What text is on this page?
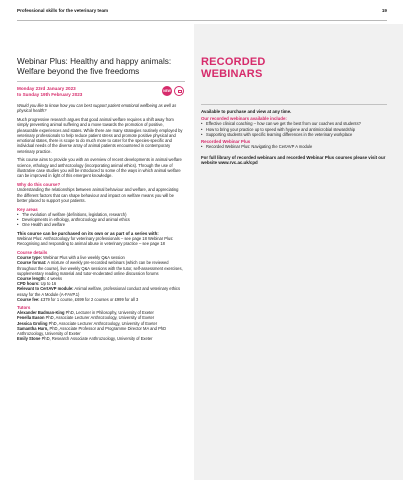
Professional skills for the veterinary team	19
Webinar Plus: Healthy and happy animals: Welfare beyond the five freedoms
Monday 23rd January 2023
to Sunday 19th February 2023
NEW
Would you like to know how you can best support patient emotional wellbeing as well as physical health?
Much progressive research argues that good animal welfare requires a shift away from simply preventing animal suffering and a move towards the promotion of positive, pleasurable experiences and states. While there are many strategies routinely employed by veterinary professionals to help reduce patient stress and promote positive physical and emotional states, there is scope to do much more to cater for the species-specific and individual needs of the diverse array of animal patients encountered in contemporary veterinary practice.
This course aims to provide you with an overview of recent developments in animal welfare science, ethology and anthrozoology (incorporating animal ethics). Through the use of illustrative case studies you will be introduced to some of the ways in which animal welfare can be improved in light of this emergent knowledge.
Why do this course?
Understanding the relationships between animal behaviour and welfare, and appreciating the different factors that can shape behaviour and impact on welfare means you will be better placed to support your patients.
Key areas
• The evolution of welfare (definitions, legislation, research)
• Developments in ethology, anthrozoology and animal ethics
• One Health and welfare
This course can be purchased on its own or as part of a series with:
Webinar Plus: Anthrozoology for veterinary professionals – see page 18 Webinar Plus: Recognising and responding to animal abuse in veterinary practice – see page 18
Course details
Course type: Webinar Plus with a live weekly Q&A session
Course format: A mixture of weekly pre-recorded webinars (which can be reviewed throughout the course), live weekly Q&A sessions with the tutor, self-assessment exercises, supplementary reading material and tutor-moderated online discussion forums
Course length: 4 weeks
CPD hours: Up to 16
Relevant to CertAVP module: Animal welfare, professional conduct and veterinary ethics essay for the A Module (A-FAVP.1)
Course fee: £379 for 1 course, £699 for 2 courses or £999 for all 3
Tutors
Alexander Badman-King PhD, Lecturer in Philosophy, University of Exeter
Fenella Eason PhD, Associate Lecturer Anthrozoology, University of Exeter
Jessica Groling PhD, Associate Lecturer Anthrozoology, University of Exeter
Samantha Hurn, PhD, Associate Professor and Programme Director MA and PhD Anthrozoology, University of Exeter
Emily Stone PhD, Research Associate Anthrozoology, University of Exeter
RECORDED
WEBINARS
Available to purchase and view at any time.
Our recorded webinars available include:
• Effective clinical coaching – how can we get the best from our coaches and students?
• How to bring your practice up to speed with hygiene and antimicrobial stewardship
• Supporting students with specific learning differences in the veterinary workplace
Recorded Webinar Plus
• Recorded Webinar Plus: Navigating the CertAVP A module
For full library of recorded webinars and recorded Webinar Plus courses please visit our website www.rvc.ac.uk/cpd
